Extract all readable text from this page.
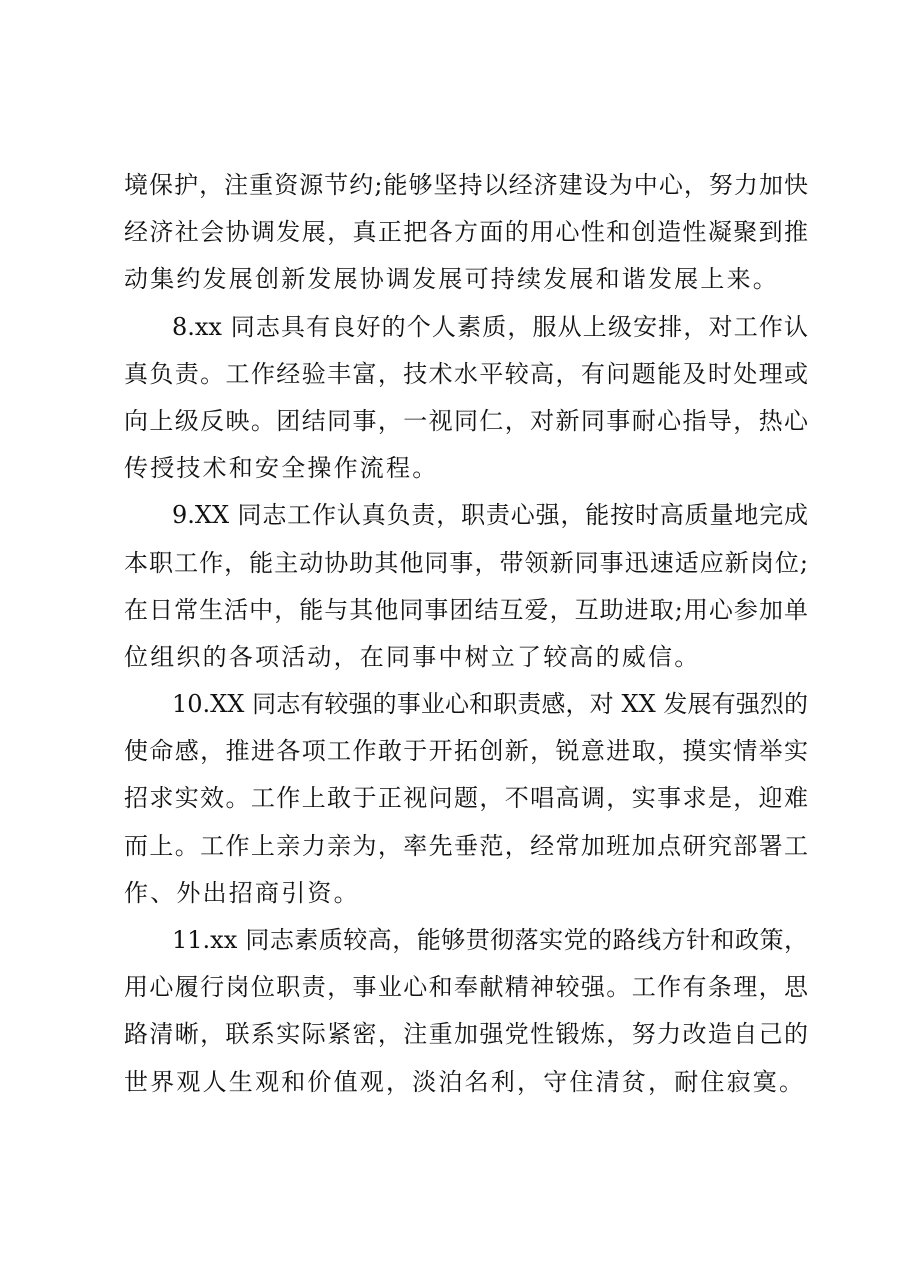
境保护，注重资源节约;能够坚持以经济建设为中心，努力加快
经济社会协调发展，真正把各方面的用心性和创造性凝聚到推
动集约发展创新发展协调发展可持续发展和谐发展上来。
8.xx 同志具有良好的个人素质，服从上级安排，对工作认
真负责。工作经验丰富，技术水平较高，有问题能及时处理或
向上级反映。团结同事，一视同仁，对新同事耐心指导，热心
传授技术和安全操作流程。
9.XX 同志工作认真负责，职责心强，能按时高质量地完成
本职工作，能主动协助其他同事，带领新同事迅速适应新岗位;
在日常生活中，能与其他同事团结互爱，互助进取;用心参加单
位组织的各项活动，在同事中树立了较高的威信。
10.XX 同志有较强的事业心和职责感，对 XX 发展有强烈的
使命感，推进各项工作敢于开拓创新，锐意进取，摸实情举实
招求实效。工作上敢于正视问题，不唱高调，实事求是，迎难
而上。工作上亲力亲为，率先垂范，经常加班加点研究部署工
作、外出招商引资。
11.xx 同志素质较高，能够贯彻落实党的路线方针和政策，
用心履行岗位职责，事业心和奉献精神较强。工作有条理，思
路清晰，联系实际紧密，注重加强党性锻炼，努力改造自己的
世界观人生观和价值观，淡泊名利，守住清贫，耐住寂寞。
